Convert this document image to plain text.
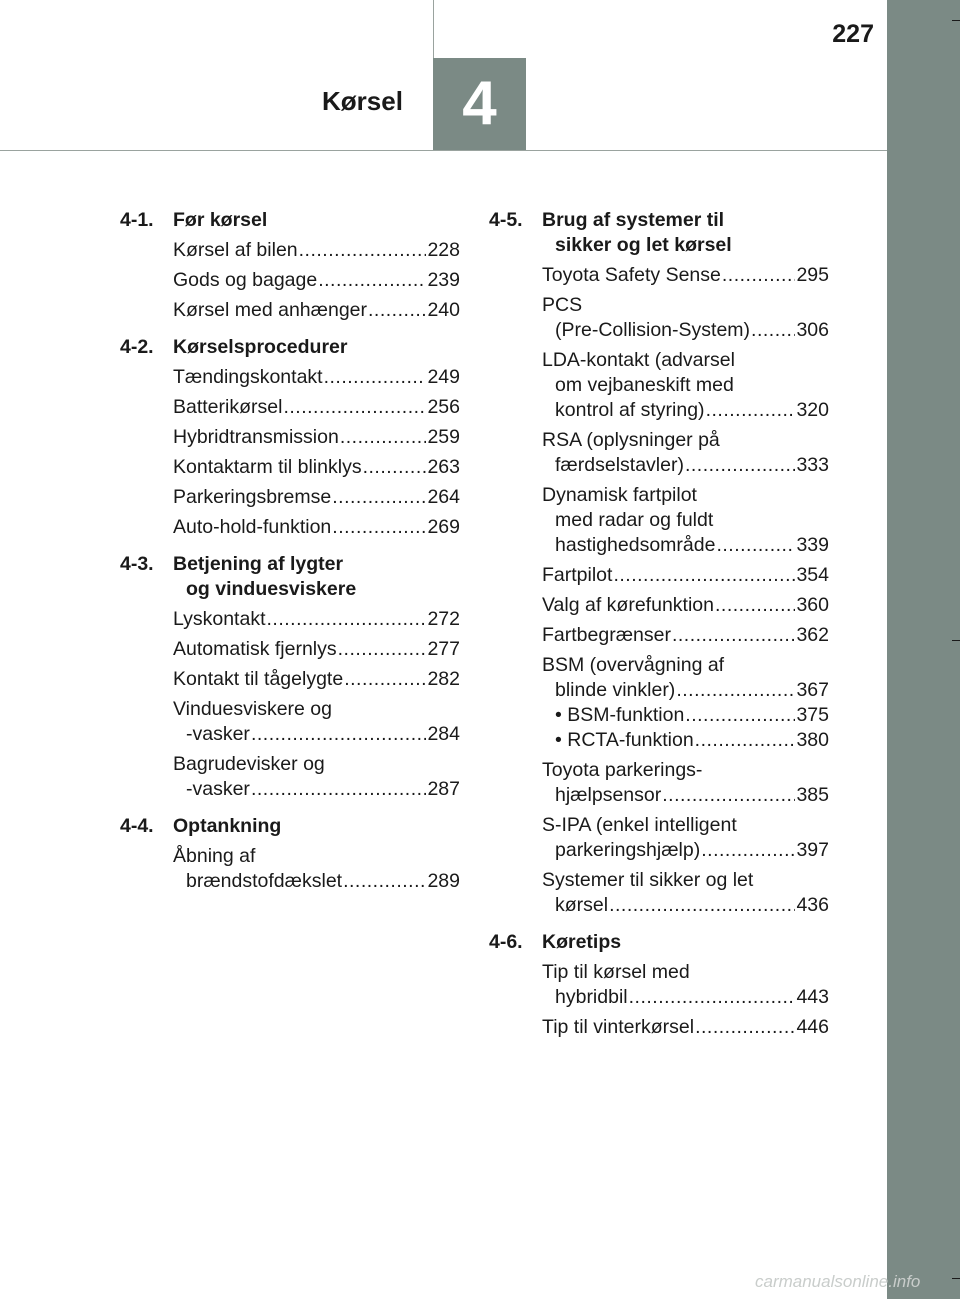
227
Kørsel 4
4-1. Før kørsel
Kørsel af bilen .....	228
Gods og bagage .....	239
Kørsel med anhænger .....	240
4-2. Kørselsprocedurer
Tændingskontakt .....	249
Batterikørsel .....	256
Hybridtransmission .....	259
Kontaktarm til blinklys .....	263
Parkeringsbremse .....	264
Auto-hold-funktion .....	269
4-3. Betjening af lygter
og vinduesviskere
Lyskontakt .....	272
Automatisk fjernlys .....	277
Kontakt til tågelygte .....	282
Vinduesviskere og
-vasker .....	284
Bagrudevisker og
-vasker .....	287
4-4. Optankning
Åbning af
brændstofdækslet .....	289
4-5. Brug af systemer til
sikker og let kørsel
Toyota Safety Sense .....	295
PCS
(Pre-Collision-System) ..... 306
LDA-kontakt (advarsel
om vejbaneskift med
kontrol af styring) .....	320
RSA (oplysninger på
færdselstavler) .....	333
Dynamisk fartpilot
med radar og fuldt
hastighedsområde .....	339
Fartpilot .....	354
Valg af kørefunktion .....	360
Fartbegrænser .....	362
BSM (overvågning af
blinde vinkler) .....	367
• BSM-funktion .....	375
• RCTA-funktion .....	380
Toyota parkerings-
hjælpsensor .....	385
S-IPA (enkel intelligent
parkeringshjælp) .....	397
Systemer til sikker og let
kørsel .....	436
4-6. Køretips
Tip til kørsel med
hybridbil .....	443
Tip til vinterkørsel .....	446
carmanualsonline.info
